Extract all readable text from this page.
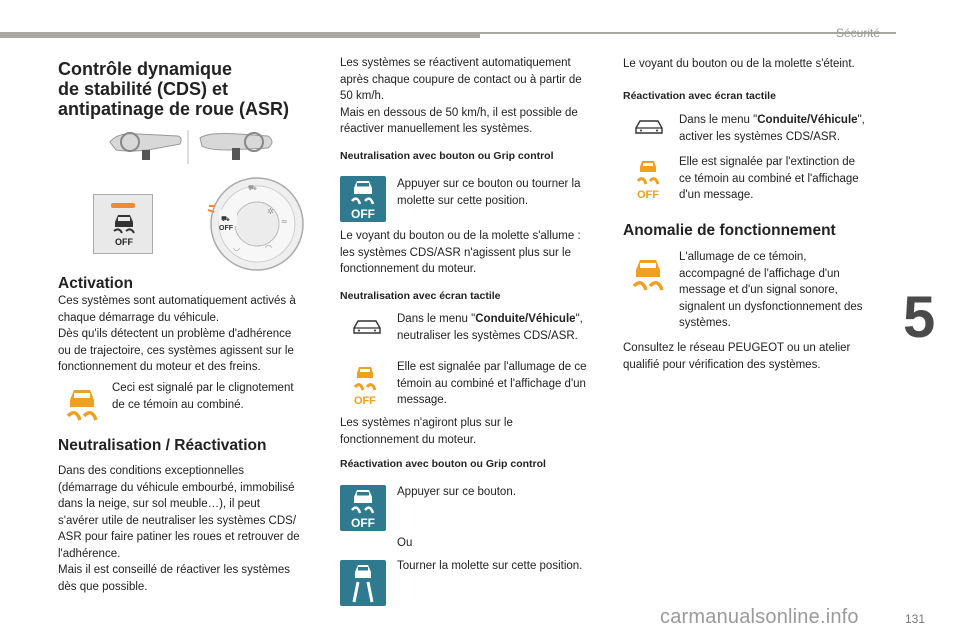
Sécurité
5
Contrôle dynamique
de stabilité (CDS) et
antipatinage de roue (ASR)
OFF
⛟
✲
≈
◠
◡
⛟
OFF
Activation
Ces systèmes sont automatiquement activés à
chaque démarrage du véhicule.
Dès qu'ils détectent un problème d'adhérence
ou de trajectoire, ces systèmes agissent sur le
fonctionnement du moteur et des freins.
Ceci est signalé par le clignotement
de ce témoin au combiné.
Neutralisation / Réactivation
Dans des conditions exceptionnelles
(démarrage du véhicule embourbé, immobilisé
dans la neige, sur sol meuble…), il peut
s'avérer utile de neutraliser les systèmes CDS/
ASR pour faire patiner les roues et retrouver de
l'adhérence.
Mais il est conseillé de réactiver les systèmes
dès que possible.
Les systèmes se réactivent automatiquement
après chaque coupure de contact ou à partir de
50 km/h.
Mais en dessous de 50 km/h, il est possible de
réactiver manuellement les systèmes.
Neutralisation avec bouton ou Grip control
OFF
Appuyer sur ce bouton ou tourner la
molette sur cette position.
Le voyant du bouton ou de la molette s'allume :
les systèmes CDS/ASR n'agissent plus sur le
fonctionnement du moteur.
Neutralisation avec écran tactile
Dans le menu "Conduite/Véhicule",
neutraliser les systèmes CDS/ASR.
OFF
Elle est signalée par l'allumage de ce
témoin au combiné et l'affichage d'un
message.
Les systèmes n'agiront plus sur le
fonctionnement du moteur.
Réactivation avec bouton ou Grip control
OFF
Appuyer sur ce bouton.
Ou
Tourner la molette sur cette position.
Le voyant du bouton ou de la molette s'éteint.
Réactivation avec écran tactile
Dans le menu "Conduite/Véhicule",
activer les systèmes CDS/ASR.
OFF
Elle est signalée par l'extinction de
ce témoin au combiné et l'affichage
d'un message.
Anomalie de fonctionnement
L'allumage de ce témoin,
accompagné de l'affichage d'un
message et d'un signal sonore,
signalent un dysfonctionnement des
systèmes.
Consultez le réseau PEUGEOT ou un atelier
qualifié pour vérification des systèmes.
carmanualsonline.info	131
